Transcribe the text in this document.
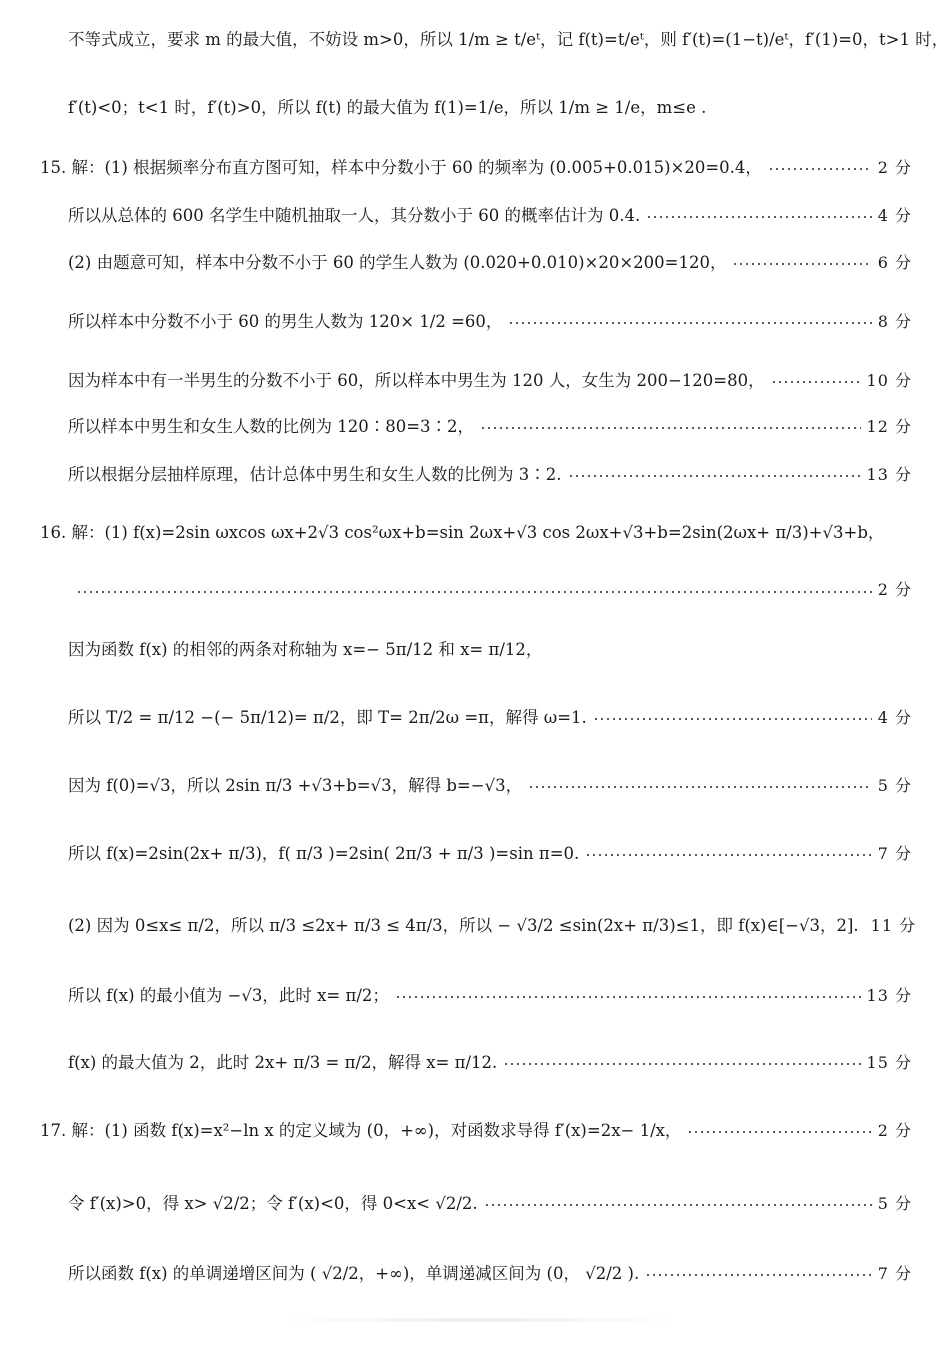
不等式成立，要求 m 的最大值，不妨设 m>0，所以 1/m ≥ t/eᵗ，记 f(t)=t/eᵗ，则 f′(t)=(1−t)/eᵗ，f′(1)=0，t>1 时，
f′(t)<0；t<1 时，f′(t)>0，所以 f(t) 的最大值为 f(1)=1/e，所以 1/m ≥ 1/e，m≤e .
15. 解：(1) 根据频率分布直方图可知，样本中分数小于 60 的频率为 (0.005+0.015)×20=0.4，	2 分
所以从总体的 600 名学生中随机抽取一人，其分数小于 60 的概率估计为 0.4.	4 分
(2) 由题意可知，样本中分数不小于 60 的学生人数为 (0.020+0.010)×20×200=120，	6 分
所以样本中分数不小于 60 的男生人数为 120× 1/2 =60，	8 分
因为样本中有一半男生的分数不小于 60，所以样本中男生为 120 人，女生为 200−120=80，	10 分
所以样本中男生和女生人数的比例为 120∶80=3∶2，	12 分
所以根据分层抽样原理，估计总体中男生和女生人数的比例为 3∶2.	13 分
16. 解：(1) f(x)=2sin ωxcos ωx+2√3 cos²ωx+b=sin 2ωx+√3 cos 2ωx+√3+b=2sin(2ωx+ π/3)+√3+b，
2 分
因为函数 f(x) 的相邻的两条对称轴为 x=− 5π/12 和 x= π/12，
所以 T/2 = π/12 −(− 5π/12)= π/2，即 T= 2π/2ω =π，解得 ω=1.	4 分
因为 f(0)=√3，所以 2sin π/3 +√3+b=√3，解得 b=−√3，	5 分
所以 f(x)=2sin(2x+ π/3)，f( π/3 )=2sin( 2π/3 + π/3 )=sin π=0.	7 分
(2) 因为 0≤x≤ π/2，所以 π/3 ≤2x+ π/3 ≤ 4π/3，所以 − √3/2 ≤sin(2x+ π/3)≤1，即 f(x)∈[−√3，2]. 11 分
所以 f(x) 的最小值为 −√3，此时 x= π/2；	13 分
f(x) 的最大值为 2，此时 2x+ π/3 = π/2，解得 x= π/12.	15 分
17. 解：(1) 函数 f(x)=x²−ln x 的定义域为 (0，+∞)，对函数求导得 f′(x)=2x− 1/x，	2 分
令 f′(x)>0，得 x> √2/2；令 f′(x)<0，得 0<x< √2/2.	5 分
所以函数 f(x) 的单调递增区间为 ( √2/2，+∞)，单调递减区间为 (0， √2/2 ).	7 分
